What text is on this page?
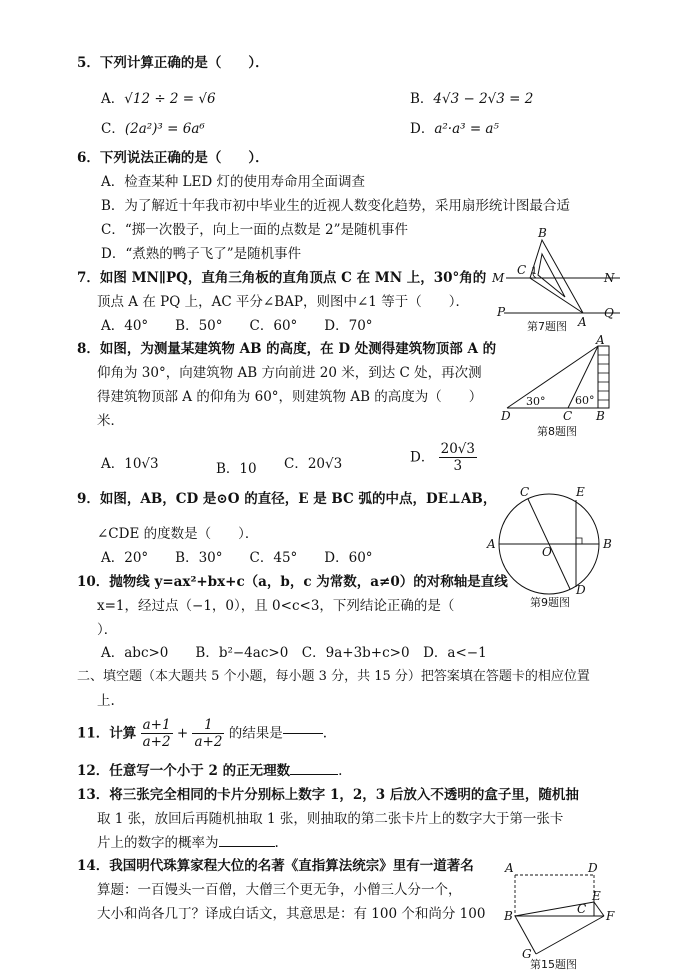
5．下列计算正确的是（　　）．
A．√12 ÷ 2 = √6	B．4√3 − 2√3 = 2
C．(2a²)³ = 6a⁶	D．a²·a³ = a⁵
6．下列说法正确的是（　　）．
A．检查某种 LED 灯的使用寿命用全面调查
B．为了解近十年我市初中毕业生的近视人数变化趋势，采用扇形统计图最合适
C．“掷一次骰子，向上一面的点数是 2”是随机事件
D．“煮熟的鸭子飞了”是随机事件
7．如图 MN∥PQ，直角三角板的直角顶点 C 在 MN 上，30°角的
顶点 A 在 PQ 上，AC 平分∠BAP，则图中∠1 等于（　　）．
A．40°　　B．50°　　C．60°　　D．70°
B
C 1
M	N
P
A
Q
第7题图
8．如图，为测量某建筑物 AB 的高度，在 D 处测得建筑物顶部 A 的
仰角为 30°，向建筑物 AB 方向前进 20 米，到达 C 处，再次测
得建筑物顶部 A 的仰角为 60°，则建筑物 AB 的高度为（　　）
米．
A
D	C B
30°	60°
第8题图
A．10√3	B．10 C．20√3	D． $\frac{20√3}{3}$
9．如图，AB，CD 是⊙O 的直径，E 是 BC 弧的中点，DE⊥AB，
∠CDE 的度数是（　　）．
A．20°　　B．30°　　C．45°　　D．60°
C	E
A
O
B
D
第9题图
10．抛物线 y=ax²+bx+c（a，b，c 为常数，a≠0）的对称轴是直线
x=1，经过点（−1，0），且 0<c<3，下列结论正确的是（
）．
A．abc>0　　B．b²−4ac>0　C．9a+3b+c>0　D．a<−1
二、填空题（本大题共 5 个小题，每小题 3 分，共 15 分）把答案填在答题卡的相应位置
上.
11．计算 $\frac{a+1}{a+2} + \frac{1}{a+2}$ 的结果是	.
12．任意写一个小于 2 的正无理数	.
13．将三张完全相同的卡片分别标上数字 1，2，3 后放入不透明的盒子里，随机抽
取 1 张，放回后再随机抽取 1 张，则抽取的第二张卡片上的数字大于第一张卡
片上的数字的概率为	.
14．我国明代珠算家程大位的名著《直指算法统宗》里有一道著名
算题：一百馒头一百僧，大僧三个更无争，小僧三人分一个，
大小和尚各几丁？译成白话文，其意思是：有 100 个和尚分 100
A	D
E
C
B	F
G
第15题图
